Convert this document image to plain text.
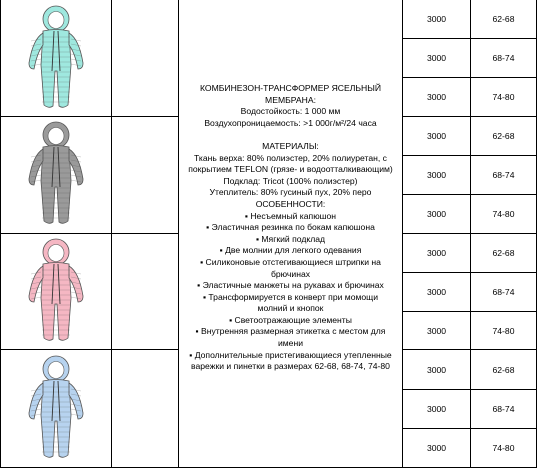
КОМБИНЕЗОН-ТРАНСФОРМЕР ЯСЕЛЬНЫЙ
МЕМБРАНА:
Водостойкость: 1 000 мм
Воздухопроницаемость: >1 000г/м²/24 часа
МАТЕРИАЛЫ:
Ткань верха: 80% полиэстер, 20% полиуретан, с
покрытием TEFLON (грязе- и водоотталкивающим)
Подклад: Tricot (100% полиэстер)
Утеплитель: 80% гусиный пух, 20% перо
ОСОБЕННОСТИ:
▪ Несъемный капюшон
▪ Эластичная резинка по бокам капюшона
▪ Мягкий подклад
▪ Две молнии для легкого одевания
▪ Силиконовые отстегивающиеся штрипки на
брючинах
▪ Эластичные манжеты на рукавах и брючинах
▪ Трансформируется в конверт при момощи
молний и кнопок
▪ Светоотражающие элементы
▪ Внутренняя размерная этикетка с местом для
имени
▪ Дополнительные пристегивающиеся утепленные
варежки и пинетки в размерах 62-68, 68-74, 74-80
3000	62-68
3000	68-74
3000	74-80
3000	62-68
3000	68-74
3000	74-80
3000	62-68
3000	68-74
3000	74-80
3000	62-68
3000	68-74
3000	74-80
